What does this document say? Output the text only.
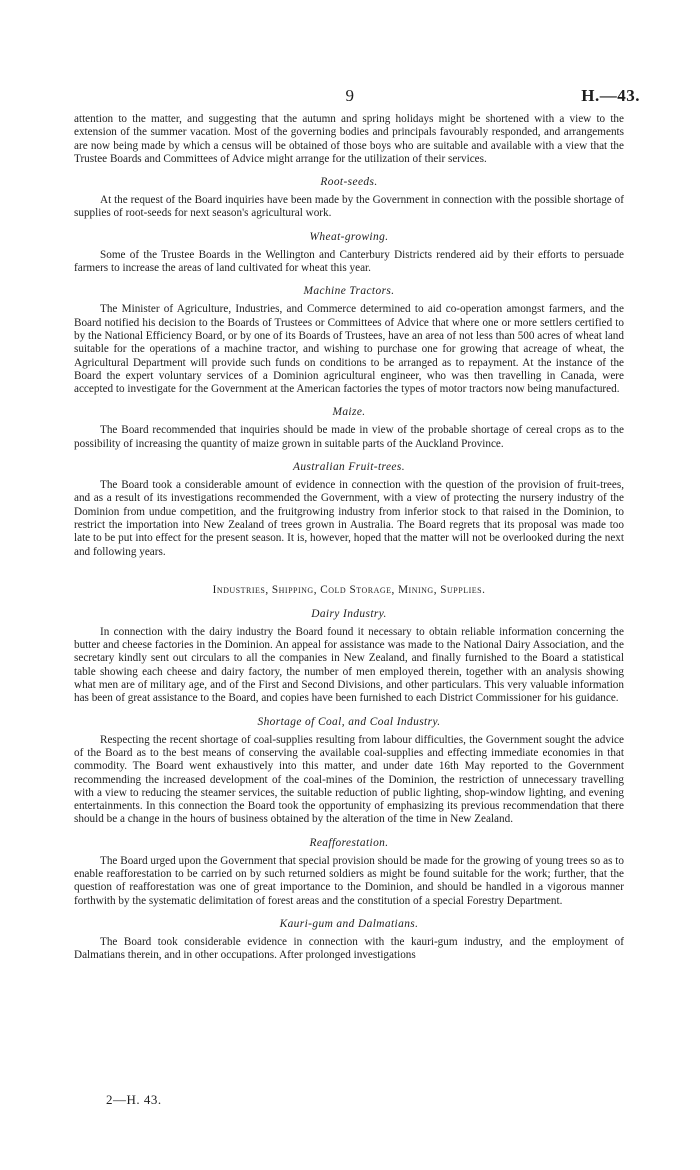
9	H.—43.

attention to the matter, and suggesting that the autumn and spring holidays might be shortened with a view to the extension of the summer vacation. Most of the governing bodies and principals favourably responded, and arrangements are now being made by which a census will be obtained of those boys who are suitable and available with a view that the Trustee Boards and Committees of Advice might arrange for the utilization of their services.

Root-seeds.

At the request of the Board inquiries have been made by the Government in connection with the possible shortage of supplies of root-seeds for next season's agricultural work.

Wheat-growing.

Some of the Trustee Boards in the Wellington and Canterbury Districts rendered aid by their efforts to persuade farmers to increase the areas of land cultivated for wheat this year.

Machine Tractors.

The Minister of Agriculture, Industries, and Commerce determined to aid co-operation amongst farmers, and the Board notified his decision to the Boards of Trustees or Committees of Advice that where one or more settlers certified to by the National Efficiency Board, or by one of its Boards of Trustees, have an area of not less than 500 acres of wheat land suitable for the operations of a machine tractor, and wishing to purchase one for growing that acreage of wheat, the Agricultural Department will provide such funds on conditions to be arranged as to repayment. At the instance of the Board the expert voluntary services of a Dominion agricultural engineer, who was then travelling in Canada, were accepted to investigate for the Government at the American factories the types of motor tractors now being manufactured.

Maize.

The Board recommended that inquiries should be made in view of the probable shortage of cereal crops as to the possibility of increasing the quantity of maize grown in suitable parts of the Auckland Province.

Australian Fruit-trees.

The Board took a considerable amount of evidence in connection with the question of the provision of fruit-trees, and as a result of its investigations recommended the Government, with a view of protecting the nursery industry of the Dominion from undue competition, and the fruitgrowing industry from inferior stock to that raised in the Dominion, to restrict the importation into New Zealand of trees grown in Australia. The Board regrets that its proposal was made too late to be put into effect for the present season. It is, however, hoped that the matter will not be overlooked during the next and following years.

Industries, Shipping, Cold Storage, Mining, Supplies.
Dairy Industry.

In connection with the dairy industry the Board found it necessary to obtain reliable information concerning the butter and cheese factories in the Dominion. An appeal for assistance was made to the National Dairy Association, and the secretary kindly sent out circulars to all the companies in New Zealand, and finally furnished to the Board a statistical table showing each cheese and dairy factory, the number of men employed therein, together with an analysis showing what men are of military age, and of the First and Second Divisions, and other particulars. This very valuable information has been of great assistance to the Board, and copies have been furnished to each District Commissioner for his guidance.

Shortage of Coal, and Coal Industry.

Respecting the recent shortage of coal-supplies resulting from labour difficulties, the Government sought the advice of the Board as to the best means of conserving the available coal-supplies and effecting immediate economies in that commodity. The Board went exhaustively into this matter, and under date 16th May reported to the Government recommending the increased development of the coal-mines of the Dominion, the restriction of unnecessary travelling with a view to reducing the steamer services, the suitable reduction of public lighting, shop-window lighting, and evening entertainments. In this connection the Board took the opportunity of emphasizing its previous recommendation that there should be a change in the hours of business obtained by the alteration of the time in New Zealand.

Reafforestation.

The Board urged upon the Government that special provision should be made for the growing of young trees so as to enable reafforestation to be carried on by such returned soldiers as might be found suitable for the work; further, that the question of reafforestation was one of great importance to the Dominion, and should be handled in a vigorous manner forthwith by the systematic delimitation of forest areas and the constitution of a special Forestry Department.

Kauri-gum and Dalmatians.

The Board took considerable evidence in connection with the kauri-gum industry, and the employment of Dalmatians therein, and in other occupations. After prolonged investigations

2—H. 43.
